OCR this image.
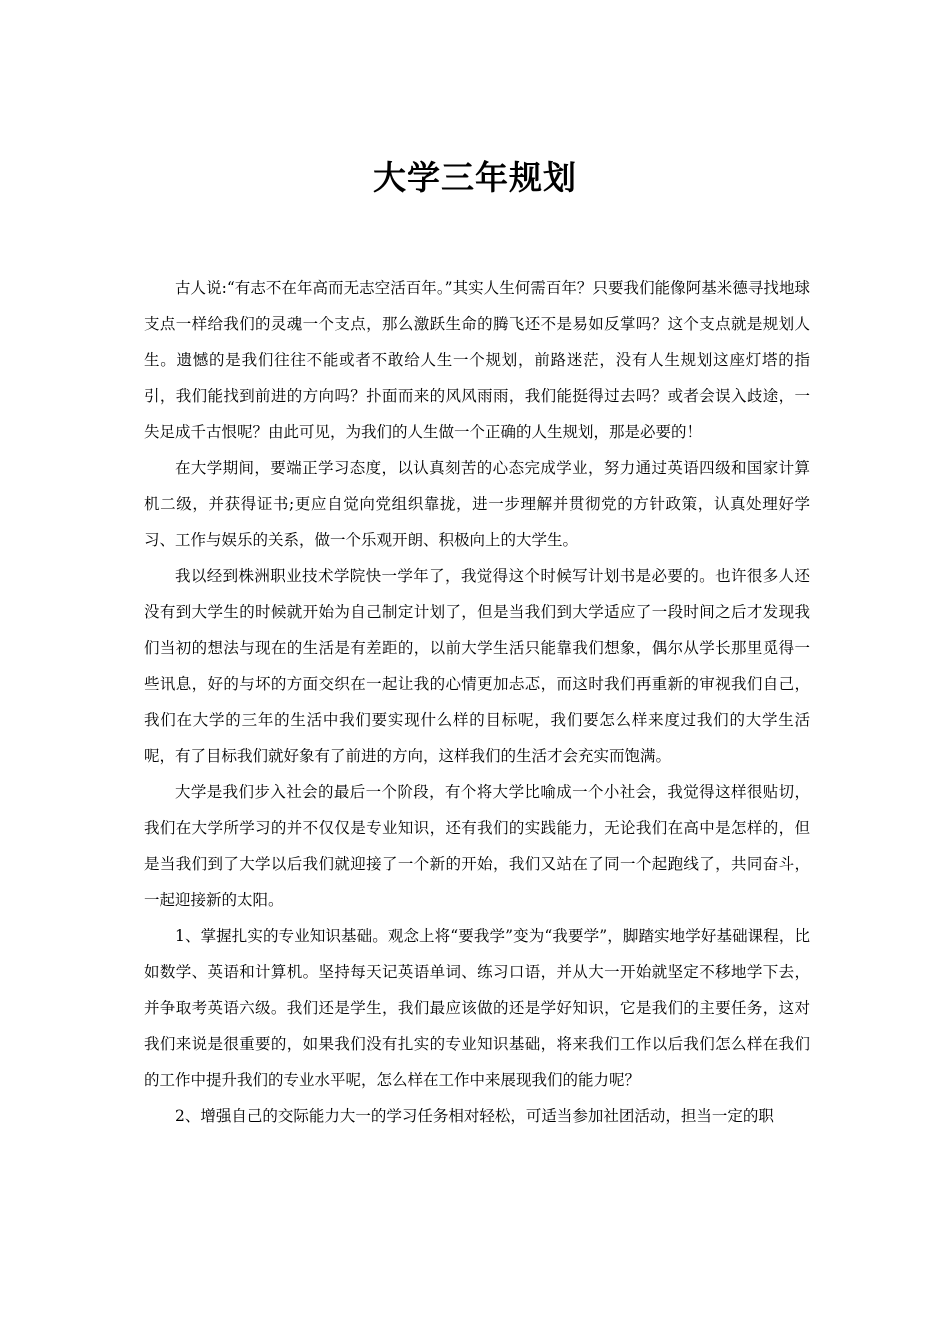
大学三年规划

古人说:“有志不在年高而无志空活百年。”其实人生何需百年？只要我们能像阿基米德寻找地球支点一样给我们的灵魂一个支点，那么激跃生命的腾飞还不是易如反掌吗？这个支点就是规划人生。遗憾的是我们往往不能或者不敢给人生一个规划，前路迷茫，没有人生规划这座灯塔的指引，我们能找到前进的方向吗？扑面而来的风风雨雨，我们能挺得过去吗？或者会误入歧途，一失足成千古恨呢？由此可见，为我们的人生做一个正确的人生规划，那是必要的！

在大学期间，要端正学习态度，以认真刻苦的心态完成学业，努力通过英语四级和国家计算机二级，并获得证书;更应自觉向党组织靠拢，进一步理解并贯彻党的方针政策，认真处理好学习、工作与娱乐的关系，做一个乐观开朗、积极向上的大学生。

我以经到株洲职业技术学院快一学年了，我觉得这个时候写计划书是必要的。也许很多人还没有到大学生的时候就开始为自己制定计划了，但是当我们到大学适应了一段时间之后才发现我们当初的想法与现在的生活是有差距的，以前大学生活只能靠我们想象，偶尔从学长那里觅得一些讯息，好的与坏的方面交织在一起让我的心情更加忐忑，而这时我们再重新的审视我们自己，我们在大学的三年的生活中我们要实现什么样的目标呢，我们要怎么样来度过我们的大学生活呢，有了目标我们就好象有了前进的方向，这样我们的生活才会充实而饱满。

大学是我们步入社会的最后一个阶段，有个将大学比喻成一个小社会，我觉得这样很贴切，我们在大学所学习的并不仅仅是专业知识，还有我们的实践能力，无论我们在高中是怎样的，但是当我们到了大学以后我们就迎接了一个新的开始，我们又站在了同一个起跑线了，共同奋斗，一起迎接新的太阳。

1、掌握扎实的专业知识基础。观念上将“要我学”变为“我要学”，脚踏实地学好基础课程，比如数学、英语和计算机。坚持每天记英语单词、练习口语，并从大一开始就坚定不移地学下去，并争取考英语六级。我们还是学生，我们最应该做的还是学好知识，它是我们的主要任务，这对我们来说是很重要的，如果我们没有扎实的专业知识基础，将来我们工作以后我们怎么样在我们的工作中提升我们的专业水平呢，怎么样在工作中来展现我们的能力呢？

2、增强自己的交际能力大一的学习任务相对轻松，可适当参加社团活动，担当一定的职
